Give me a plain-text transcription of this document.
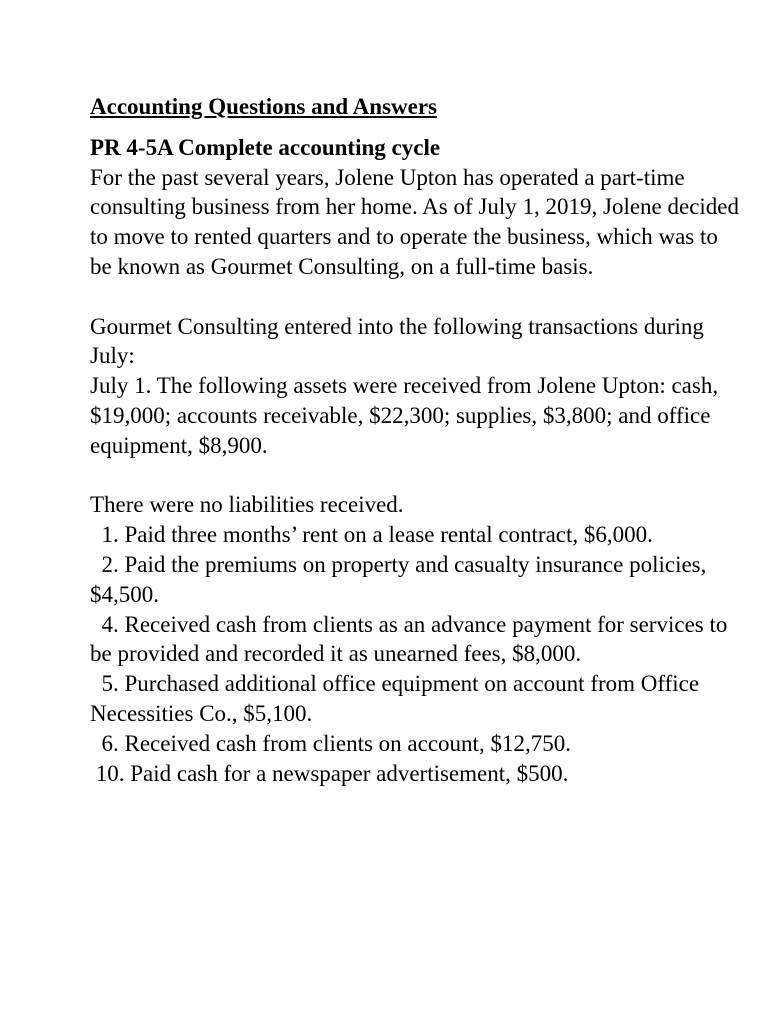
Accounting Questions and Answers
PR 4-5A Complete accounting cycle

For the past several years, Jolene Upton has operated a part-time consulting business from her home. As of July 1, 2019, Jolene decided to move to rented quarters and to operate the business, which was to be known as Gourmet Consulting, on a full-time basis.

Gourmet Consulting entered into the following transactions during July:

July 1. The following assets were received from Jolene Upton: cash, $19,000; accounts receivable, $22,300; supplies, $3,800; and office equipment, $8,900.

There were no liabilities received.

1. Paid three months’ rent on a lease rental contract, $6,000.
2. Paid the premiums on property and casualty insurance policies, $4,500.
4. Received cash from clients as an advance payment for services to be provided and recorded it as unearned fees, $8,000.
5. Purchased additional office equipment on account from Office Necessities Co., $5,100.
6. Received cash from clients on account, $12,750.
10. Paid cash for a newspaper advertisement, $500.
